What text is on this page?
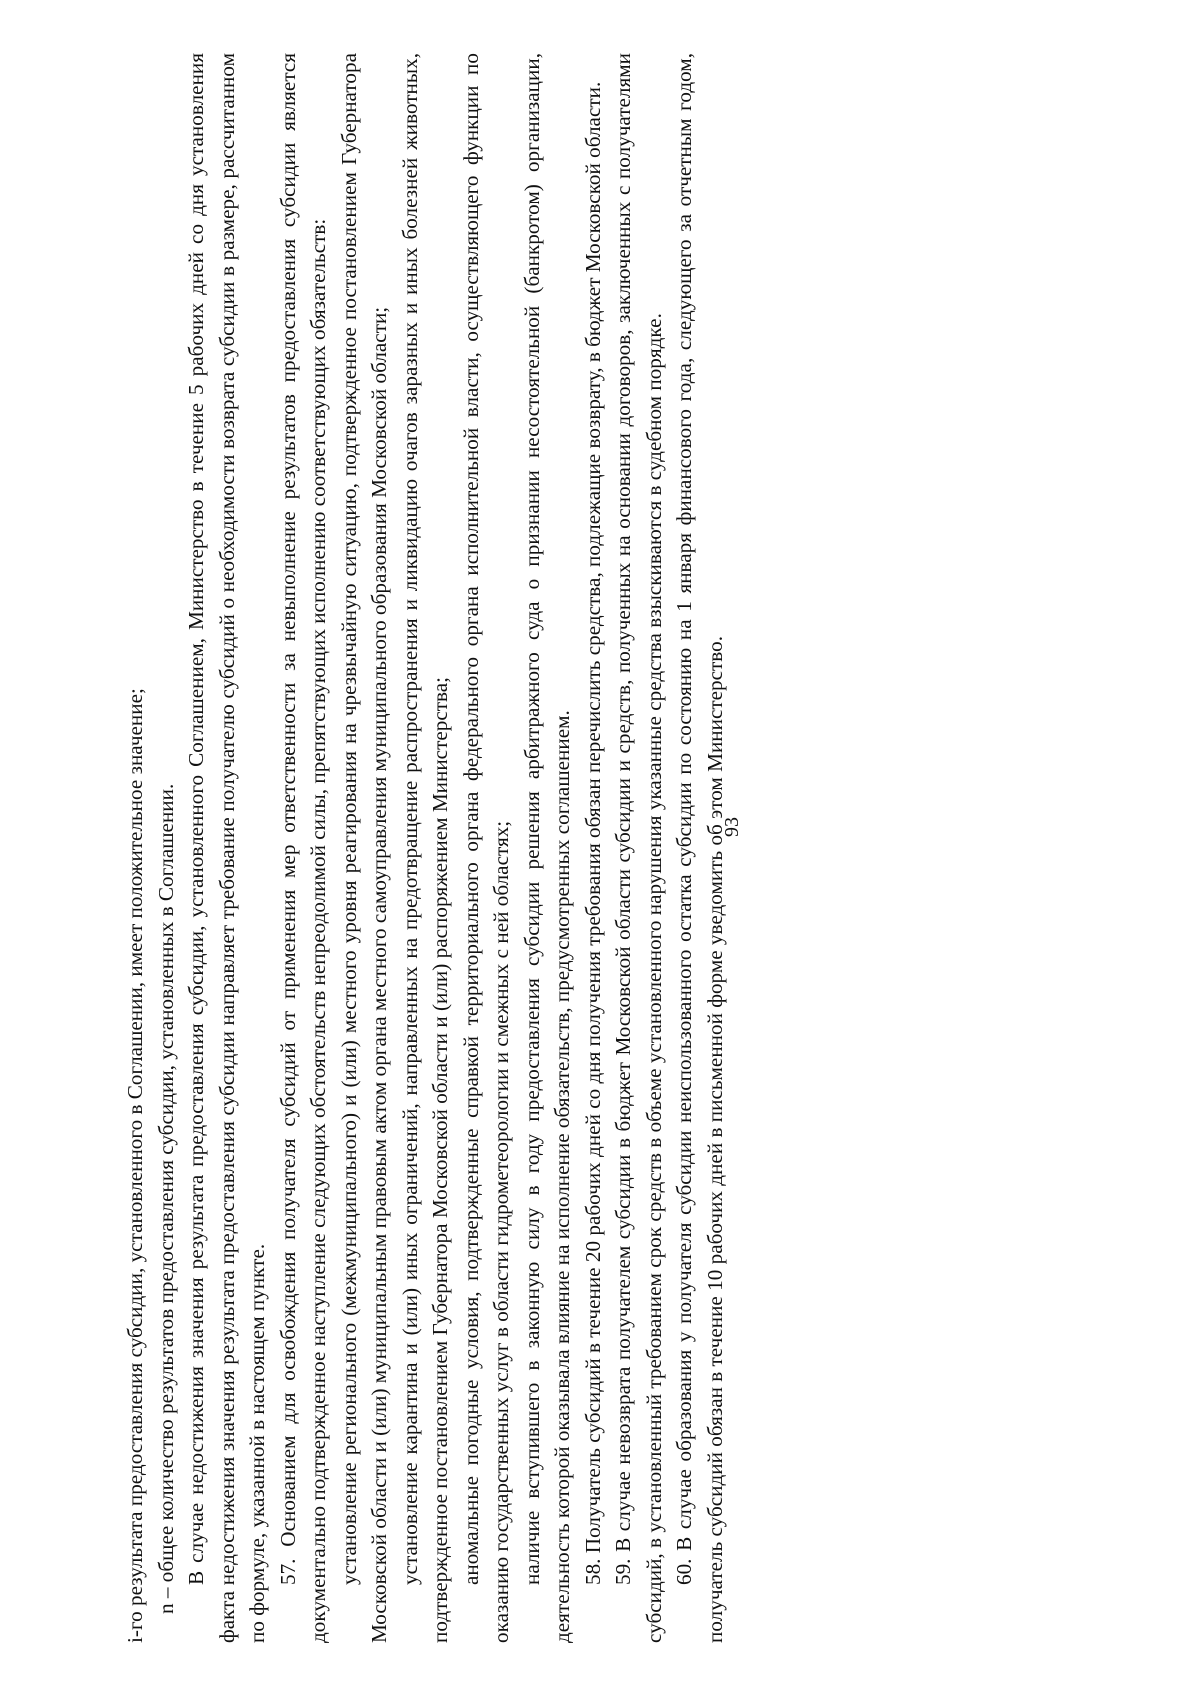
93

i-го результата предоставления субсидии, установленного в Соглашении, имеет положительное значение; n – общее количество результатов предоставления субсидии, установленных в Соглашении. В случае недостижения значения результата предоставления субсидии, установленного Соглашением, Министерство в течение 5 рабочих дней со дня установления факта недостижения значения результата предоставления субсидии направляет требование получателю субсидий о необходимости возврата субсидии в размере, рассчитанном по формуле, указанной в настоящем пункте. 57. Основанием для освобождения получателя субсидий от применения мер ответственности за невыполнение результатов предоставления субсидии является документально подтвержденное наступление следующих обстоятельств непреодолимой силы, препятствующих исполнению соответствующих обязательств: установление регионального (межмуниципального) и (или) местного уровня реагирования на чрезвычайную ситуацию, подтвержденное постановлением Губернатора Московской области и (или) муниципальным правовым актом органа местного самоуправления муниципального образования Московской области; установление карантина и (или) иных ограничений, направленных на предотвращение распространения и ликвидацию очагов заразных и иных болезней животных, подтвержденное постановлением Губернатора Московской области и (или) распоряжением Министерства; аномальные погодные условия, подтвержденные справкой территориального органа федерального органа исполнительной власти, осуществляющего функции по оказанию государственных услуг в области гидрометеорологии и смежных с ней областях; наличие вступившего в законную силу в году предоставления субсидии решения арбитражного суда о признании несостоятельной (банкротом) организации, деятельность которой оказывала влияние на исполнение обязательств, предусмотренных соглашением. 58. Получатель субсидий в течение 20 рабочих дней со дня получения требования обязан перечислить средства, подлежащие возврату, в бюджет Московской области. 59. В случае невозврата получателем субсидии в бюджет Московской области субсидии и средств, полученных на основании договоров, заключенных с получателями субсидий, в установленный требованием срок средств в объеме установленного нарушения указанные средства взыскиваются в судебном порядке. 60. В случае образования у получателя субсидии неиспользованного остатка субсидии по состоянию на 1 января финансового года, следующего за отчетным годом, получатель субсидий обязан в течение 10 рабочих дней в письменной форме уведомить об этом Министерство.
